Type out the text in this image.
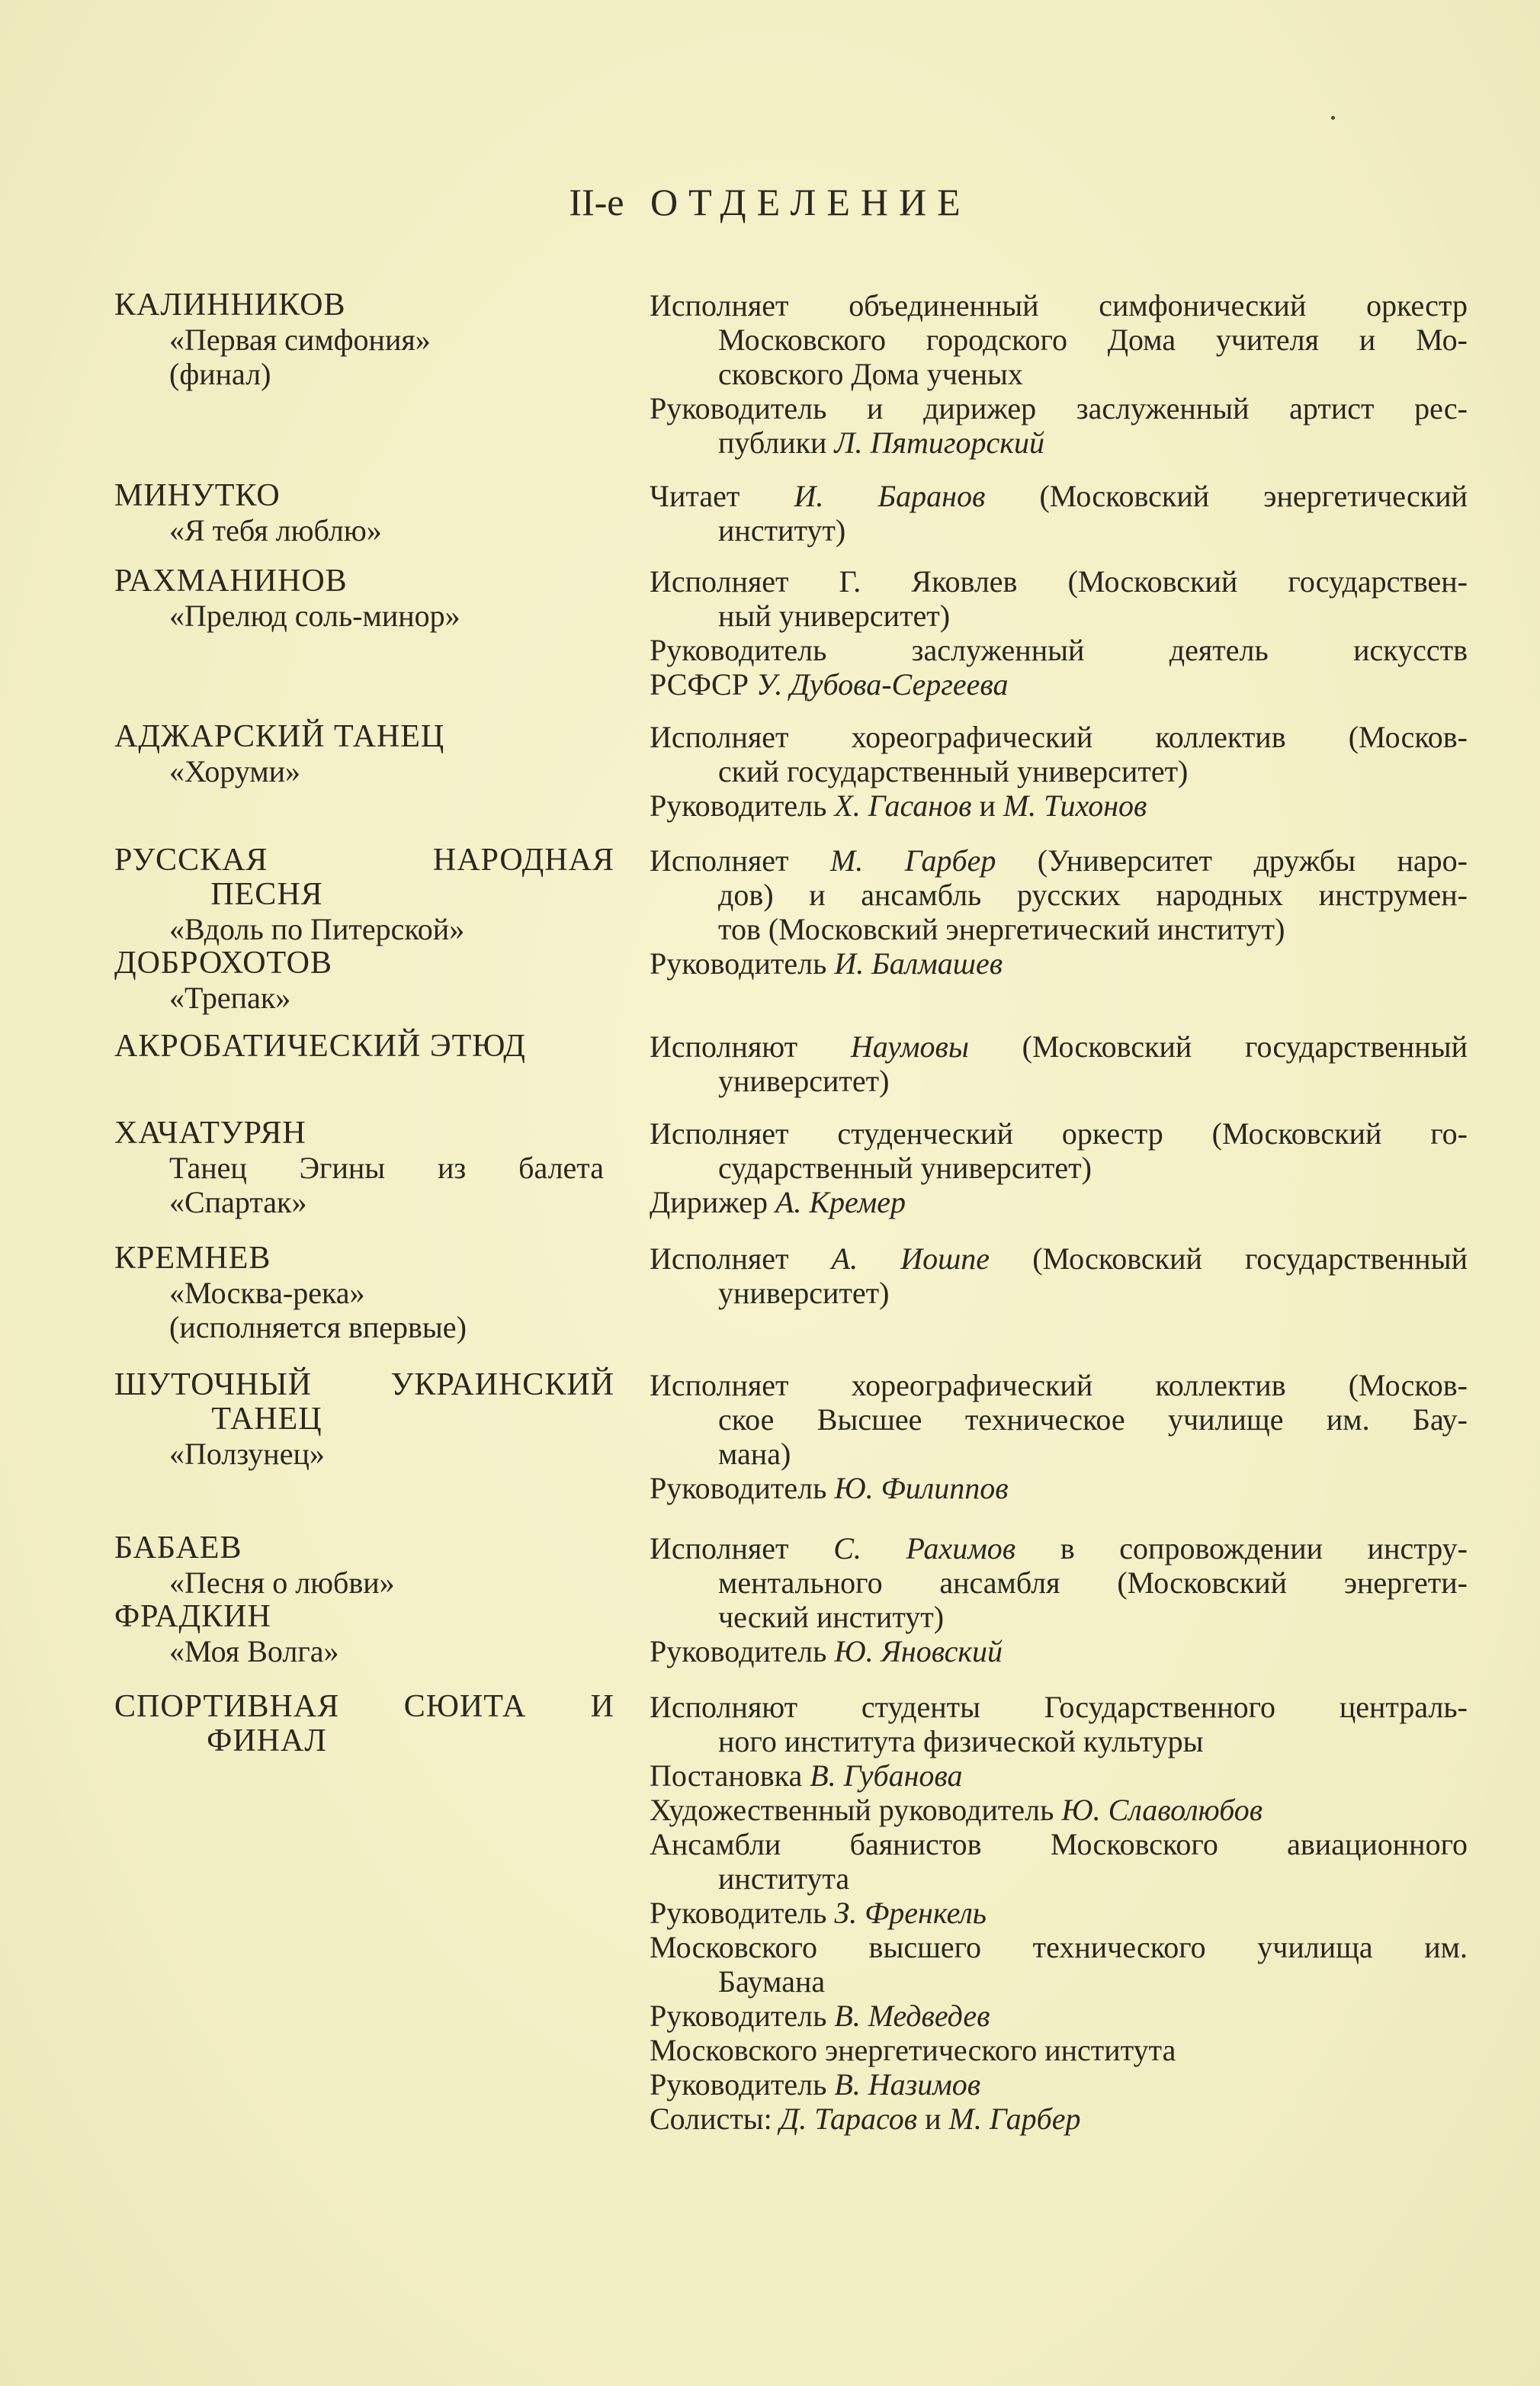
II-е ОТДЕЛЕНИЕ
КАЛИННИКОВ
«Первая симфония»
(финал)
Исполняет объединенный симфонический оркестр
Московского городского Дома учителя и Мо-
сковского Дома ученых
Руководитель и дирижер заслуженный артист рес-
публики Л. Пятигорский
МИНУТКО
«Я тебя люблю»
Читает И. Баранов (Московский энергетический
институт)
РАХМАНИНОВ
«Прелюд соль-минор»
Исполняет Г. Яковлев (Московский государствен-
ный университет)
Руководитель заслуженный деятель искусств
РСФСР У. Дубова-Сергеева
АДЖАРСКИЙ ТАНЕЦ
«Хоруми»
Исполняет хореографический коллектив (Москов-
ский государственный университет)
Руководитель Х. Гасанов и М. Тихонов
РУССКАЯ НАРОДНАЯ
ПЕСНЯ
«Вдоль по Питерской»
ДОБРОХОТОВ
«Трепак»
Исполняет М. Гарбер (Университет дружбы наро-
дов) и ансамбль русских народных инструмен-
тов (Московский энергетический институт)
Руководитель И. Балмашев
АКРОБАТИЧЕСКИЙ ЭТЮД	Исполняют Наумовы (Московский государственный
университет)
ХАЧАТУРЯН
Танец Эгины из балета
«Спартак»
Исполняет студенческий оркестр (Московский го-
сударственный университет)
Дирижер А. Кремер
КРЕМНЕВ
«Москва-река»
(исполняется впервые)
Исполняет А. Иошпе (Московский государственный
университет)
ШУТОЧНЫЙ УКРАИНСКИЙ
ТАНЕЦ
«Ползунец»
Исполняет хореографический коллектив (Москов-
ское Высшее техническое училище им. Бау-
мана)
Руководитель Ю. Филиппов
БАБАЕВ
«Песня о любви»
ФРАДКИН
«Моя Волга»
Исполняет С. Рахимов в сопровождении инстру-
ментального ансамбля (Московский энергети-
ческий институт)
Руководитель Ю. Яновский
СПОРТИВНАЯ СЮИТА И
ФИНАЛ
Исполняют студенты Государственного централь-
ного института физической культуры
Постановка В. Губанова
Художественный руководитель Ю. Славолюбов
Ансамбли баянистов Московского авиационного
института
Руководитель З. Френкель
Московского высшего технического училища им.
Баумана
Руководитель В. Медведев
Московского энергетического института
Руководитель В. Назимов
Солисты: Д. Тарасов и М. Гарбер
